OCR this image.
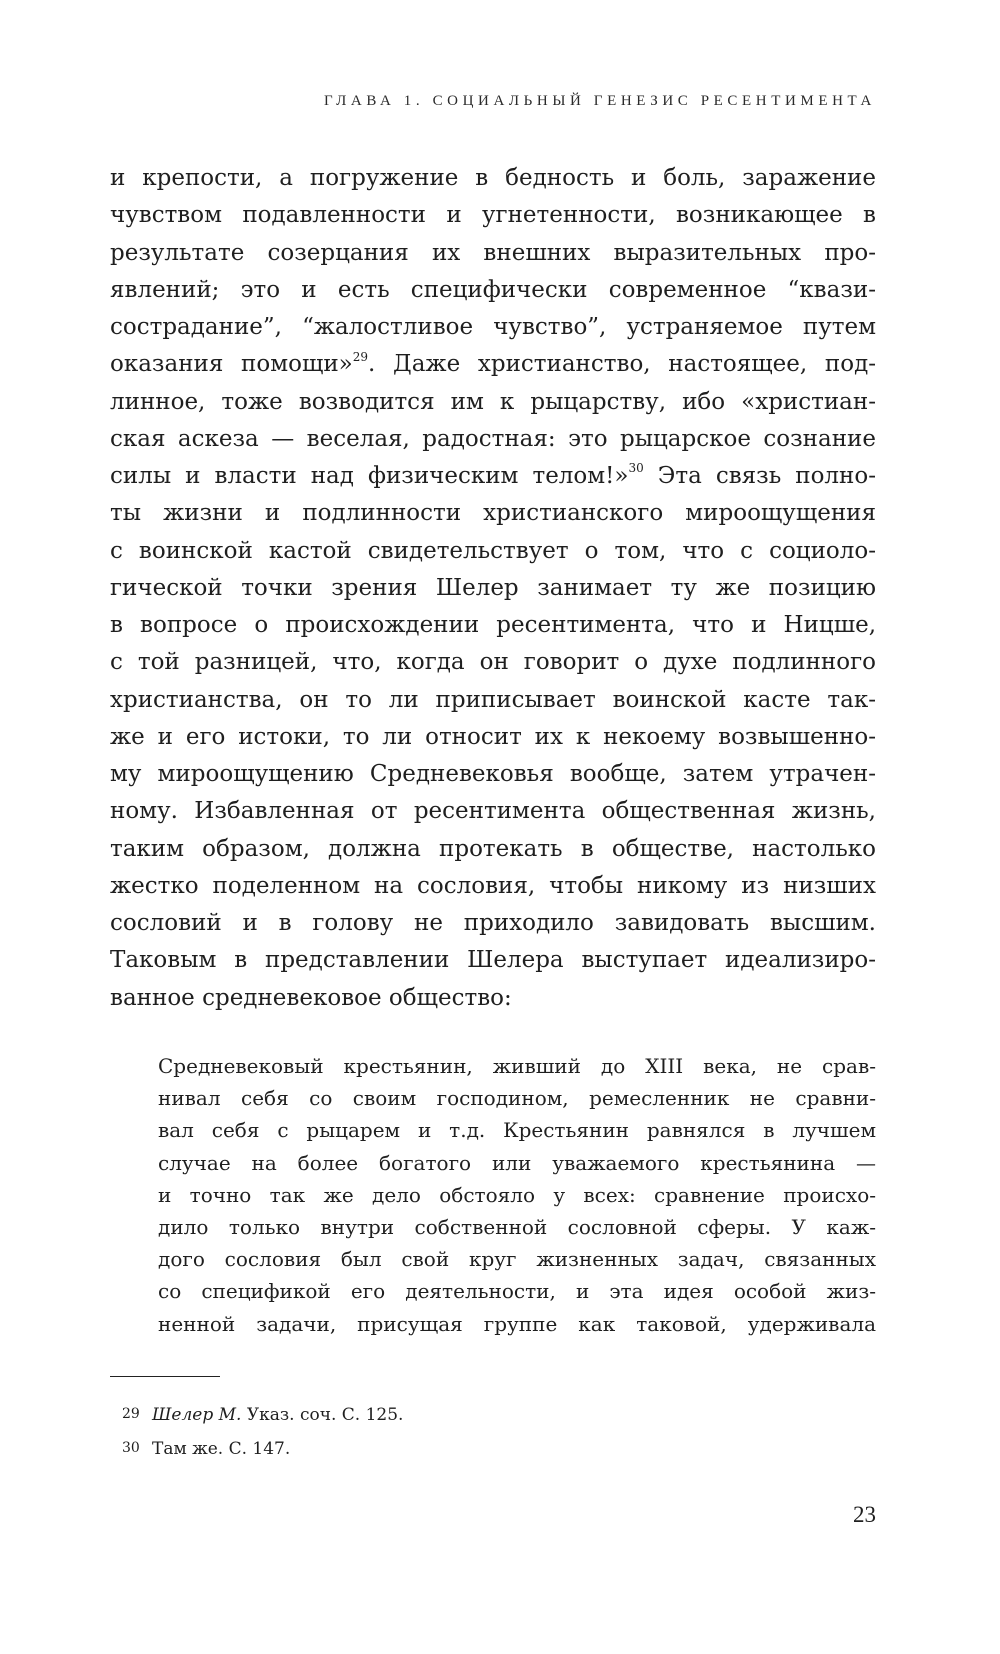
ГЛАВА 1. СОЦИАЛЬНЫЙ ГЕНЕЗИС РЕСЕНТИМЕНТА
и крепости, а погружение в бедность и боль, заражение
чувством подавленности и угнетенности, возникающее в
результате созерцания их внешних выразительных про-
явлений; это и есть специфически современное “квази-
сострадание”, “жалостливое чувство”, устраняемое путем
оказания помощи»$^{29}$. Даже христианство, настоящее, под-
линное, тоже возводится им к рыцарству, ибо «христиан-
ская аскеза — веселая, радостная: это рыцарское сознание
силы и власти над физическим телом!»$^{30}$ Эта связь полно-
ты жизни и подлинности христианского мироощущения
с воинской кастой свидетельствует о том, что с социоло-
гической точки зрения Шелер занимает ту же позицию
в вопросе о происхождении ресентимента, что и Ницше,
с той разницей, что, когда он говорит о духе подлинного
христианства, он то ли приписывает воинской касте так-
же и его истоки, то ли относит их к некоему возвышенно-
му мироощущению Средневековья вообще, затем утрачен-
ному. Избавленная от ресентимента общественная жизнь,
таким образом, должна протекать в обществе, настолько
жестко поделенном на сословия, чтобы никому из низших
сословий и в голову не приходило завидовать высшим.
Таковым в представлении Шелера выступает идеализиро-
ванное средневековое общество:
Средневековый крестьянин, живший до XIII века, не срав-
нивал себя со своим господином, ремесленник не сравни-
вал себя с рыцарем и т.д. Крестьянин равнялся в лучшем
случае на более богатого или уважаемого крестьянина —
и точно так же дело обстояло у всех: сравнение происхо-
дило только внутри собственной сословной сферы. У каж-
дого сословия был свой круг жизненных задач, связанных
со спецификой его деятельности, и эта идея особой жиз-
ненной задачи, присущая группе как таковой, удерживала
29 Шелер М. Указ. соч. С. 125.
30 Там же. С. 147.
23
